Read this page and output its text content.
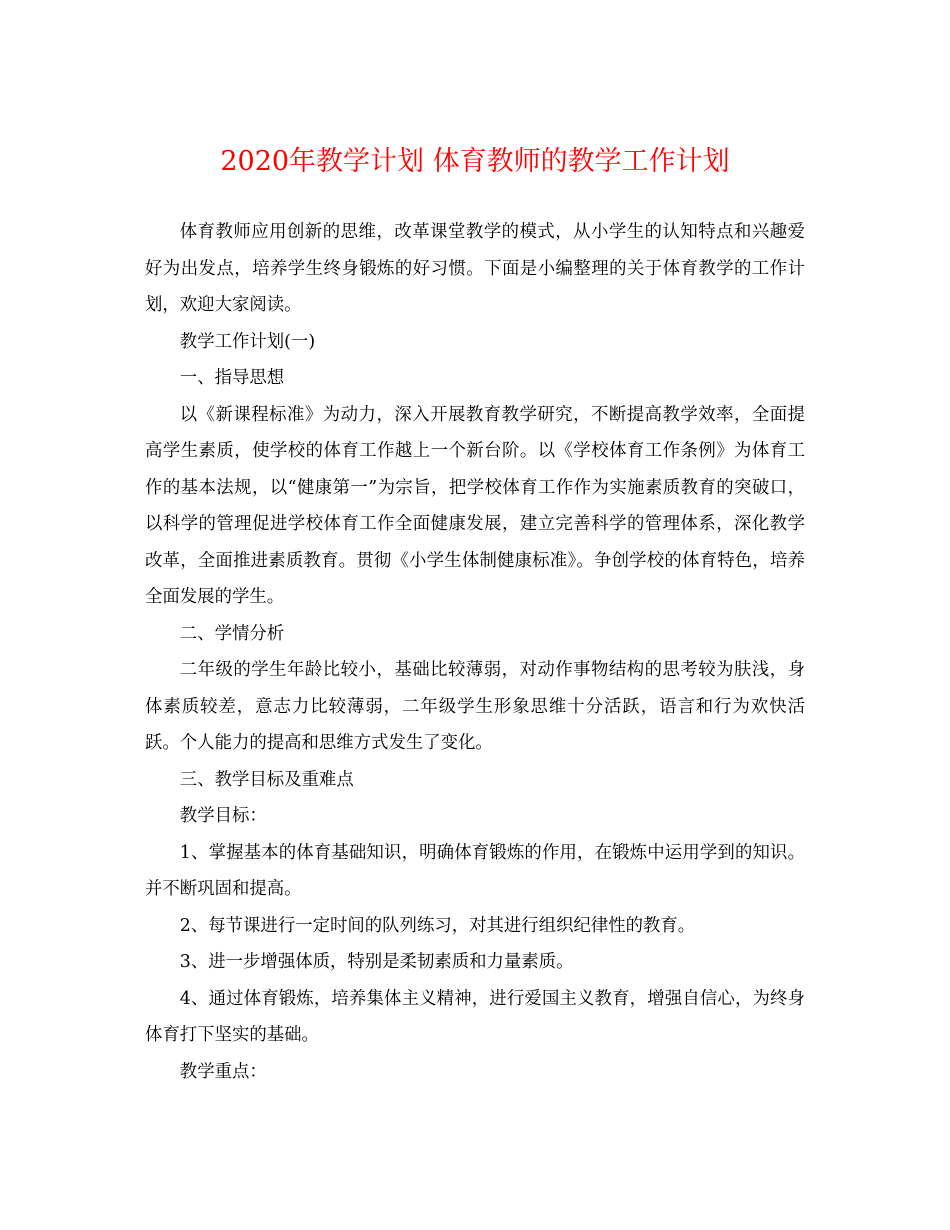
2020年教学计划 体育教师的教学工作计划

体育教师应用创新的思维，改革课堂教学的模式，从小学生的认知特点和兴趣爱好为出发点，培养学生终身锻炼的好习惯。下面是小编整理的关于体育教学的工作计划，欢迎大家阅读。

教学工作计划(一)

一、指导思想

以《新课程标准》为动力，深入开展教育教学研究，不断提高教学效率，全面提高学生素质，使学校的体育工作越上一个新台阶。以《学校体育工作条例》为体育工作的基本法规，以“健康第一”为宗旨，把学校体育工作作为实施素质教育的突破口，以科学的管理促进学校体育工作全面健康发展，建立完善科学的管理体系，深化教学改革，全面推进素质教育。贯彻《小学生体制健康标准》。争创学校的体育特色，培养全面发展的学生。

二、学情分析

二年级的学生年龄比较小，基础比较薄弱，对动作事物结构的思考较为肤浅，身体素质较差，意志力比较薄弱，二年级学生形象思维十分活跃，语言和行为欢快活跃。个人能力的提高和思维方式发生了变化。

三、教学目标及重难点

教学目标：

1、掌握基本的体育基础知识，明确体育锻炼的作用，在锻炼中运用学到的知识。并不断巩固和提高。

2、每节课进行一定时间的队列练习，对其进行组织纪律性的教育。

3、进一步增强体质，特别是柔韧素质和力量素质。

4、通过体育锻炼，培养集体主义精神，进行爱国主义教育，增强自信心，为终身体育打下坚实的基础。

教学重点：
